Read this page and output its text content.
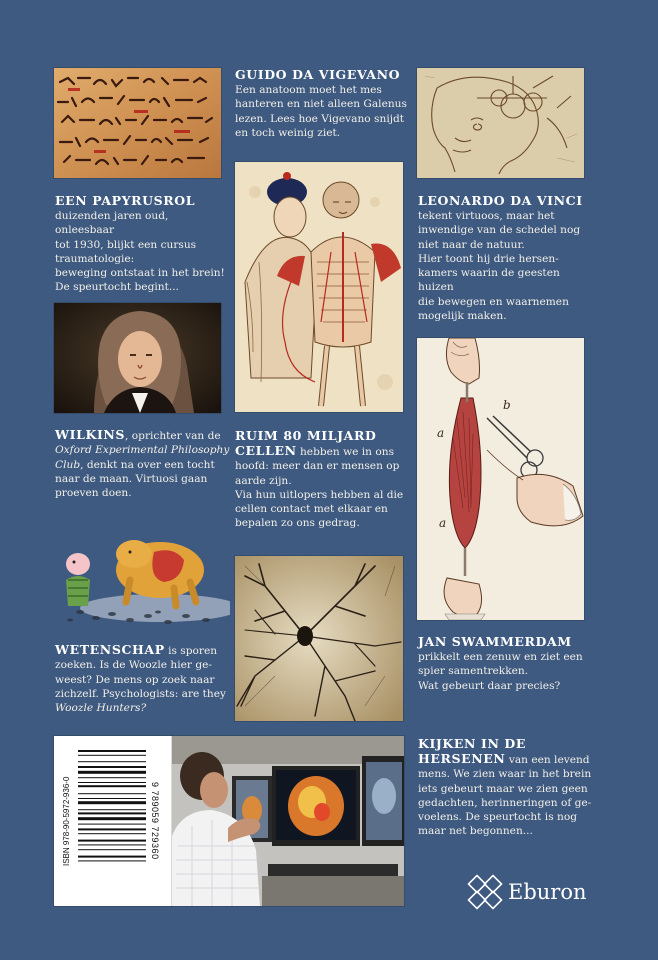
GUIDO DA VIGEVANO
Een anatoom moet het mes
hanteren en niet alleen Galenus
lezen. Lees hoe Vigevano snijdt
en toch weinig ziet.
EEN PAPYRUSROL
duizenden jaren oud, onleesbaar
tot 1930, blijkt een cursus
traumatologie:
beweging ontstaat in het brein!
De speurtocht begint...
LEONARDO DA VINCI
tekent virtuoos, maar het
inwendige van de schedel nog
niet naar de natuur.
Hier toont hij drie hersen-
kamers waarin de geesten huizen
die bewegen en waarnemen
mogelijk maken.
a
b
a
WILKINS, oprichter van de
Oxford Experimental Philosophy
Club, denkt na over een tocht
naar de maan. Virtuosi gaan
proeven doen.
RUIM 80 MILJARD
CELLEN hebben we in ons
hoofd: meer dan er mensen op
aarde zijn.
Via hun uitlopers hebben al die
cellen contact met elkaar en
bepalen zo ons gedrag.
WETENSCHAP is sporen
zoeken. Is de Woozle hier ge-
weest? De mens op zoek naar
zichzelf. Psychologists: are they
Woozle Hunters?
JAN SWAMMERDAM
prikkelt een zenuw en ziet een
spier samentrekken.
Wat gebeurt daar precies?
ISBN 978-90-5972-936-0	9 789059 729360
KIJKEN IN DE
HERSENEN van een levend
mens. We zien waar in het brein
iets gebeurt maar we zien geen
gedachten, herinneringen of ge-
voelens. De speurtocht is nog
maar net begonnen...
Eburon
